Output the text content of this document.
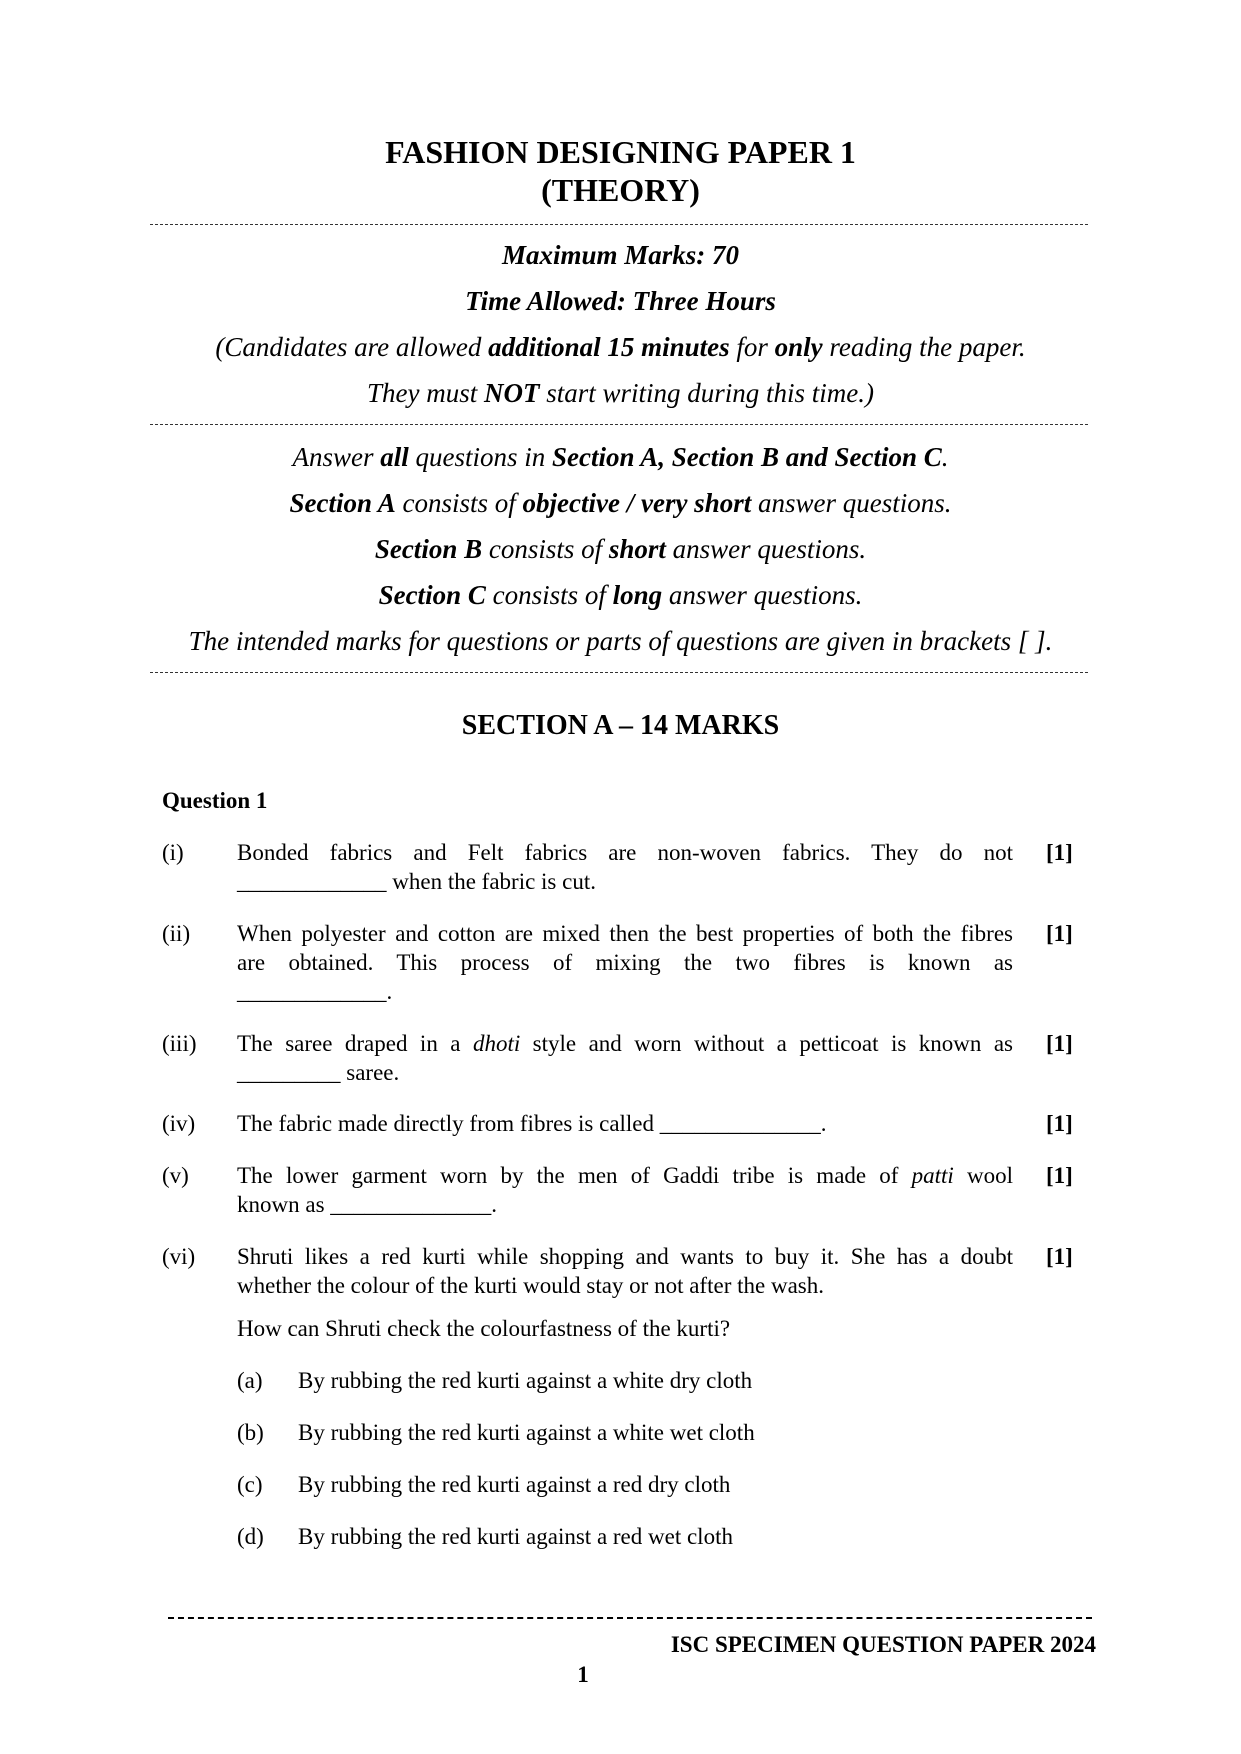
FASHION DESIGNING PAPER 1
(THEORY)
Maximum Marks: 70
Time Allowed: Three Hours
(Candidates are allowed additional 15 minutes for only reading the paper.
They must NOT start writing during this time.)
Answer all questions in Section A, Section B and Section C.
Section A consists of objective / very short answer questions.
Section B consists of short answer questions.
Section C consists of long answer questions.
The intended marks for questions or parts of questions are given in brackets [ ].
SECTION A – 14 MARKS
Question 1
(i) Bonded fabrics and Felt fabrics are non-woven fabrics. They do not
_____________ when the fabric is cut.
[1]
(ii) When polyester and cotton are mixed then the best properties of both the fibres
are obtained. This process of mixing the two fibres is known as
_____________.
[1]
(iii) The saree draped in a dhoti style and worn without a petticoat is known as
_________ saree.
[1]
(iv) The fabric made directly from fibres is called ______________.	[1]
(v) The lower garment worn by the men of Gaddi tribe is made of patti wool
known as ______________.
[1]
(vi) Shruti likes a red kurti while shopping and wants to buy it. She has a doubt
whether the colour of the kurti would stay or not after the wash.
[1]
How can Shruti check the colourfastness of the kurti?
(a) By rubbing the red kurti against a white dry cloth
(b) By rubbing the red kurti against a white wet cloth
(c) By rubbing the red kurti against a red dry cloth
(d) By rubbing the red kurti against a red wet cloth
ISC SPECIMEN QUESTION PAPER 2024
1
